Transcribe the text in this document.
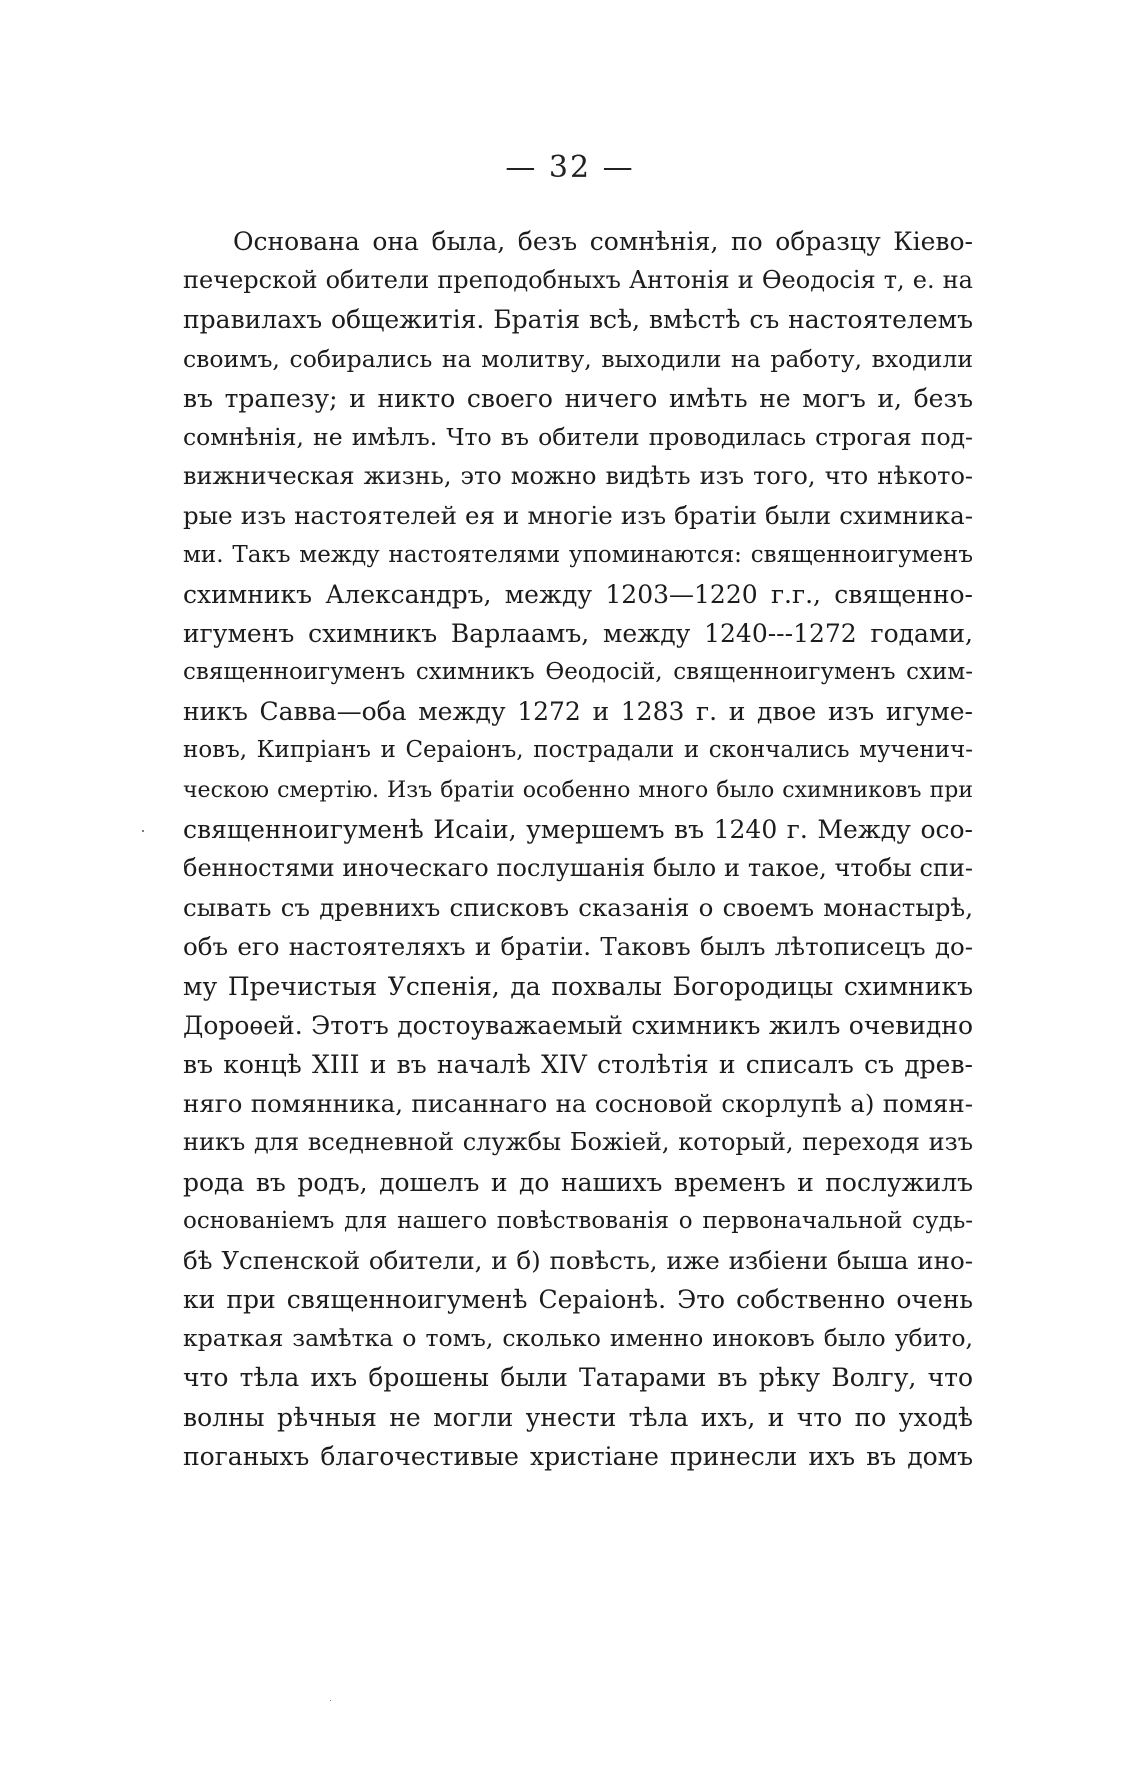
— 32 —
Основана она была, безъ сомнѣнія, по образцу Кіево-
печерской обители преподобныхъ Антонія и Ѳеодосія т, е. на
правилахъ общежитія. Братія всѣ, вмѣстѣ съ настоятелемъ
своимъ, собирались на молитву, выходили на работу, входили
въ трапезу; и никто своего ничего имѣть не могъ и, безъ
сомнѣнія, не имѣлъ. Что въ обители проводилась строгая под-
вижническая жизнь, это можно видѣть изъ того, что нѣкото-
рые изъ настоятелей ея и многіе изъ братіи были схимника-
ми. Такъ между настоятелями упоминаются: священноигуменъ
схимникъ Александръ, между 1203—1220 г.г., священно-
игуменъ схимникъ Варлаамъ, между 1240---1272 годами,
священноигуменъ схимникъ Ѳеодосій, священноигуменъ схим-
никъ Савва—оба между 1272 и 1283 г. и двое изъ игуме-
новъ, Кипріанъ и Сераіонъ, пострадали и скончались мученич-
ческою смертію. Изъ братіи особенно много было схимниковъ при
священноигуменѣ Исаіи, умершемъ въ 1240 г. Между осо-
бенностями иноческаго послушанія было и такое, чтобы спи-
сывать съ древнихъ списковъ сказанія о своемъ монастырѣ,
объ его настоятеляхъ и братіи. Таковъ былъ лѣтописецъ до-
му Пречистыя Успенія, да похвалы Богородицы схимникъ
Дороѳей. Этотъ достоуважаемый схимникъ жилъ очевидно
въ концѣ XIII и въ началѣ XIV столѣтія и списалъ съ древ-
няго помянника, писаннаго на сосновой скорлупѣ а) помян-
никъ для вседневной службы Божіей, который, переходя изъ
рода въ родъ, дошелъ и до нашихъ временъ и послужилъ
основаніемъ для нашего повѣствованія о первоначальной судь-
бѣ Успенской обители, и б) повѣсть, иже избіени быша ино-
ки при священноигуменѣ Сераіонѣ. Это собственно очень
краткая замѣтка о томъ, сколько именно иноковъ было убито,
что тѣла ихъ брошены были Татарами въ рѣку Волгу, что
волны рѣчныя не могли унести тѣла ихъ, и что по уходѣ
поганыхъ благочестивые христіане принесли ихъ въ домъ
